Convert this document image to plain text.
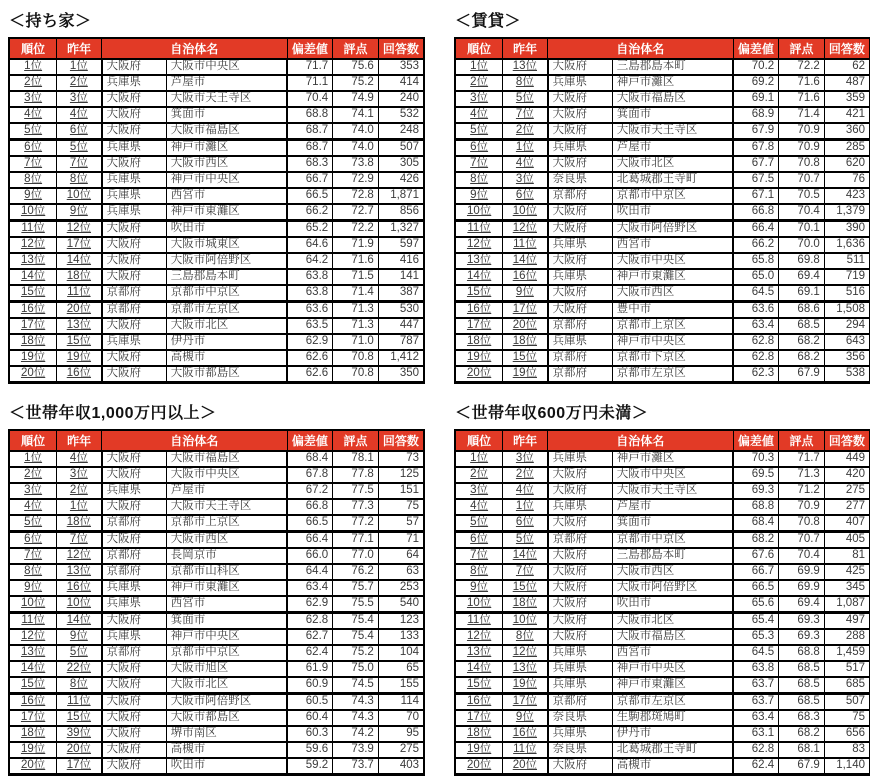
＜持ち家＞
順位	昨年	自治体名		偏差値	評点	回答数
1位	1位	大阪府	大阪市中央区	71.7	75.6	353
2位	2位	兵庫県	芦屋市	71.1	75.2	414
3位	3位	大阪府	大阪市天王寺区	70.4	74.9	240
4位	4位	大阪府	箕面市	68.8	74.1	532
5位	6位	大阪府	大阪市福島区	68.7	74.0	248
6位	5位	兵庫県	神戸市灘区	68.7	74.0	507
7位	7位	大阪府	大阪市西区	68.3	73.8	305
8位	8位	兵庫県	神戸市中央区	66.7	72.9	426
9位	10位	兵庫県	西宮市	66.5	72.8	1,871
10位	9位	兵庫県	神戸市東灘区	66.2	72.7	856
11位	12位	大阪府	吹田市	65.2	72.2	1,327
12位	17位	大阪府	大阪市城東区	64.6	71.9	597
13位	14位	大阪府	大阪市阿倍野区	64.2	71.6	416
14位	18位	大阪府	三島郡島本町	63.8	71.5	141
15位	11位	京都府	京都市中京区	63.8	71.4	387
16位	20位	京都府	京都市左京区	63.6	71.3	530
17位	13位	大阪府	大阪市北区	63.5	71.3	447
18位	15位	兵庫県	伊丹市	62.9	71.0	787
19位	19位	大阪府	高槻市	62.6	70.8	1,412
20位	16位	大阪府	大阪市都島区	62.6	70.8	350
＜賃貸＞
順位	昨年	自治体名		偏差値	評点	回答数
1位	13位	大阪府	三島郡島本町	70.2	72.2	62
2位	8位	兵庫県	神戸市灘区	69.2	71.6	487
3位	5位	大阪府	大阪市福島区	69.1	71.6	359
4位	7位	大阪府	箕面市	68.9	71.4	421
5位	2位	大阪府	大阪市天王寺区	67.9	70.9	360
6位	1位	兵庫県	芦屋市	67.8	70.9	285
7位	4位	大阪府	大阪市北区	67.7	70.8	620
8位	3位	奈良県	北葛城郡王寺町	67.5	70.7	76
9位	6位	京都府	京都市中京区	67.1	70.5	423
10位	10位	大阪府	吹田市	66.8	70.4	1,379
11位	12位	大阪府	大阪市阿倍野区	66.4	70.1	390
12位	11位	兵庫県	西宮市	66.2	70.0	1,636
13位	14位	大阪府	大阪市中央区	65.8	69.8	511
14位	16位	兵庫県	神戸市東灘区	65.0	69.4	719
15位	9位	大阪府	大阪市西区	64.5	69.1	516
16位	17位	大阪府	豊中市	63.6	68.6	1,508
17位	20位	京都府	京都市上京区	63.4	68.5	294
18位	18位	兵庫県	神戸市中央区	62.8	68.2	643
19位	15位	京都府	京都市下京区	62.8	68.2	356
20位	19位	京都府	京都市左京区	62.3	67.9	538
＜世帯年収1,000万円以上＞
順位	昨年	自治体名		偏差値	評点	回答数
1位	4位	大阪府	大阪市福島区	68.4	78.1	73
2位	3位	大阪府	大阪市中央区	67.8	77.8	125
3位	2位	兵庫県	芦屋市	67.2	77.5	151
4位	1位	大阪府	大阪市天王寺区	66.8	77.3	75
5位	18位	京都府	京都市上京区	66.5	77.2	57
6位	7位	大阪府	大阪市西区	66.4	77.1	71
7位	12位	京都府	長岡京市	66.0	77.0	64
8位	13位	京都府	京都市山科区	64.4	76.2	63
9位	16位	兵庫県	神戸市東灘区	63.4	75.7	253
10位	10位	兵庫県	西宮市	62.9	75.5	540
11位	14位	大阪府	箕面市	62.8	75.4	123
12位	9位	兵庫県	神戸市中央区	62.7	75.4	133
13位	5位	京都府	京都市中京区	62.4	75.2	104
14位	22位	大阪府	大阪市旭区	61.9	75.0	65
15位	8位	大阪府	大阪市北区	60.9	74.5	155
16位	11位	大阪府	大阪市阿倍野区	60.5	74.3	114
17位	15位	大阪府	大阪市都島区	60.4	74.3	70
18位	39位	大阪府	堺市南区	60.3	74.2	95
19位	20位	大阪府	高槻市	59.6	73.9	275
20位	17位	大阪府	吹田市	59.2	73.7	403
＜世帯年収600万円未満＞
順位	昨年	自治体名		偏差値	評点	回答数
1位	3位	兵庫県	神戸市灘区	70.3	71.7	449
2位	2位	大阪府	大阪市中央区	69.5	71.3	420
3位	4位	大阪府	大阪市天王寺区	69.3	71.2	275
4位	1位	兵庫県	芦屋市	68.8	70.9	277
5位	6位	大阪府	箕面市	68.4	70.8	407
6位	5位	京都府	京都市中京区	68.2	70.7	405
7位	14位	大阪府	三島郡島本町	67.6	70.4	81
8位	7位	大阪府	大阪市西区	66.7	69.9	425
9位	15位	大阪府	大阪市阿倍野区	66.5	69.9	345
10位	18位	大阪府	吹田市	65.6	69.4	1,087
11位	10位	大阪府	大阪市北区	65.4	69.3	497
12位	8位	大阪府	大阪市福島区	65.3	69.3	288
13位	12位	兵庫県	西宮市	64.5	68.8	1,459
14位	13位	兵庫県	神戸市中央区	63.8	68.5	517
15位	19位	兵庫県	神戸市東灘区	63.7	68.5	685
16位	17位	京都府	京都市左京区	63.7	68.5	507
17位	9位	奈良県	生駒郡斑鳩町	63.4	68.3	75
18位	16位	兵庫県	伊丹市	63.1	68.2	656
19位	11位	奈良県	北葛城郡王寺町	62.8	68.1	83
20位	20位	大阪府	高槻市	62.4	67.9	1,140
